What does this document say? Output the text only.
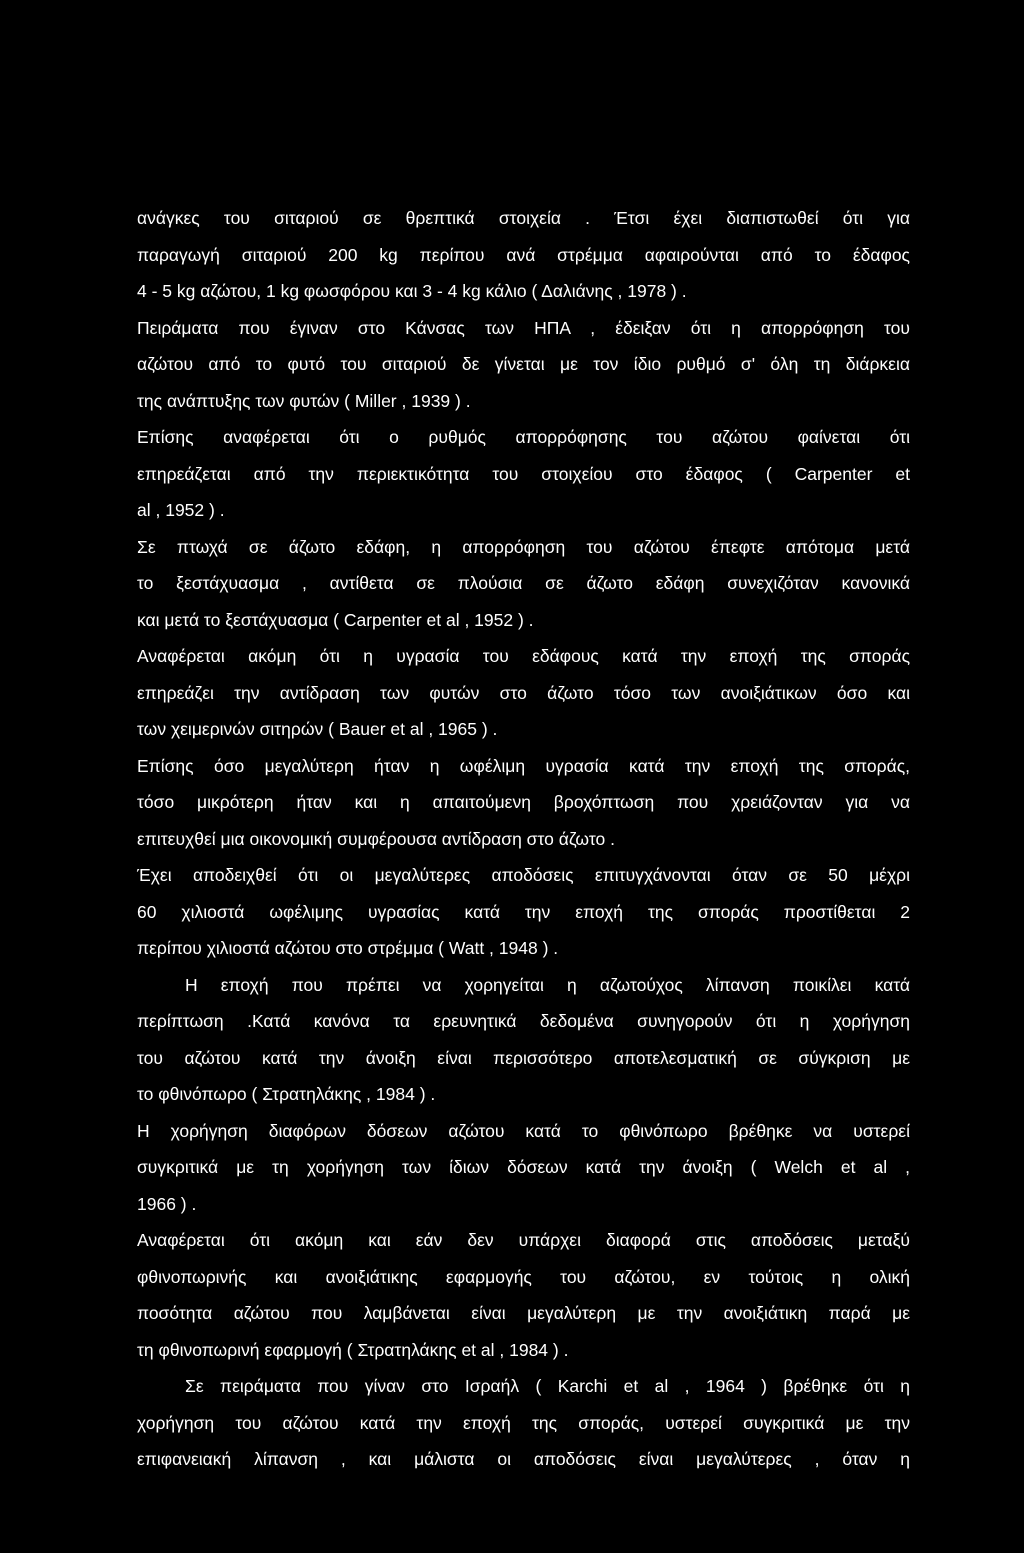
ανάγκες του σιταριού σε θρεπτικά στοιχεία . Έτσι έχει διαπιστωθεί ότι για
παραγωγή σιταριού 200 kg περίπου ανά στρέμμα αφαιρούνται από το έδαφος
4 - 5 kg αζώτου, 1 kg φωσφόρου και 3 - 4 kg κάλιο ( Δαλιάνης , 1978 ) .
Πειράματα που έγιναν στο Κάνσας των ΗΠΑ , έδειξαν ότι η απορρόφηση του
αζώτου από το φυτό του σιταριού δε γίνεται με τον ίδιο ρυθμό σ' όλη τη διάρκεια
της ανάπτυξης των φυτών ( Miller , 1939 ) .
Επίσης αναφέρεται ότι ο ρυθμός απορρόφησης του αζώτου φαίνεται ότι
επηρεάζεται από την περιεκτικότητα του στοιχείου στο έδαφος ( Carpenter et
al , 1952 ) .
Σε πτωχά σε άζωτο εδάφη, η απορρόφηση του αζώτου έπεφτε απότομα μετά
το ξεστάχυασμα , αντίθετα σε πλούσια σε άζωτο εδάφη συνεχιζόταν κανονικά
και μετά το ξεστάχυασμα ( Carpenter et al , 1952 ) .
Αναφέρεται ακόμη ότι η υγρασία του εδάφους κατά την εποχή της σποράς
επηρεάζει την αντίδραση των φυτών στο άζωτο τόσο των ανοιξιάτικων όσο και
των χειμερινών σιτηρών ( Bauer et al , 1965 ) .
Επίσης όσο μεγαλύτερη ήταν η ωφέλιμη υγρασία κατά την εποχή της σποράς,
τόσο μικρότερη ήταν και η απαιτούμενη βροχόπτωση που χρειάζονταν για να
επιτευχθεί μια οικονομική συμφέρουσα αντίδραση στο άζωτο .
Έχει αποδειχθεί ότι οι μεγαλύτερες αποδόσεις επιτυγχάνονται όταν σε 50 μέχρι
60 χιλιοστά ωφέλιμης υγρασίας κατά την εποχή της σποράς προστίθεται 2
περίπου χιλιοστά αζώτου στο στρέμμα ( Watt , 1948 ) .
Η εποχή που πρέπει να χορηγείται η αζωτούχος λίπανση ποικίλει κατά
περίπτωση .Κατά κανόνα τα ερευνητικά δεδομένα συνηγορούν ότι η χορήγηση
του αζώτου κατά την άνοιξη είναι περισσότερο αποτελεσματική σε σύγκριση με
το φθινόπωρο ( Στρατηλάκης , 1984 ) .
Η χορήγηση διαφόρων δόσεων αζώτου κατά το φθινόπωρο βρέθηκε να υστερεί
συγκριτικά με τη χορήγηση των ίδιων δόσεων κατά την άνοιξη ( Welch et al ,
1966 ) .
Αναφέρεται ότι ακόμη και εάν δεν υπάρχει διαφορά στις αποδόσεις μεταξύ
φθινοπωρινής και ανοιξιάτικης εφαρμογής του αζώτου, εν τούτοις η ολική
ποσότητα αζώτου που λαμβάνεται είναι μεγαλύτερη με την ανοιξιάτικη παρά με
τη φθινοπωρινή εφαρμογή ( Στρατηλάκης et al , 1984 ) .
Σε πειράματα που γίναν στο Ισραήλ ( Karchi et al , 1964 ) βρέθηκε ότι η
χορήγηση του αζώτου κατά την εποχή της σποράς, υστερεί συγκριτικά με την
επιφανειακή λίπανση , και μάλιστα οι αποδόσεις είναι μεγαλύτερες , όταν η
